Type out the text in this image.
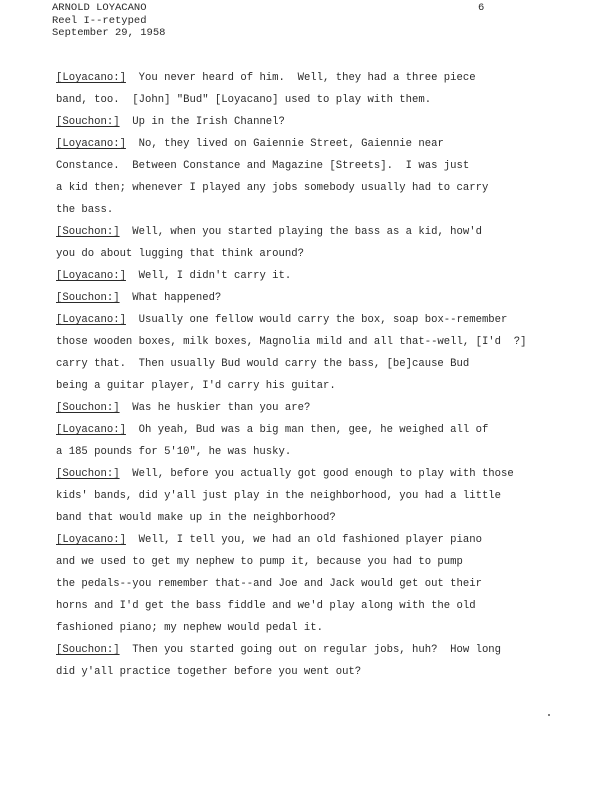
ARNOLD LOYACANO
Reel I--retyped
September 29, 1958
6
[Loyacano:]  You never heard of him.  Well, they had a three piece
band, too.  [John] "Bud" [Loyacano] used to play with them.
[Souchon:]  Up in the Irish Channel?
[Loyacano:]  No, they lived on Gaiennie Street, Gaiennie near
Constance.  Between Constance and Magazine [Streets].  I was just
a kid then; whenever I played any jobs somebody usually had to carry
the bass.
[Souchon:]  Well, when you started playing the bass as a kid, how'd
you do about lugging that think around?
[Loyacano:]  Well, I didn't carry it.
[Souchon:]  What happened?
[Loyacano:]  Usually one fellow would carry the box, soap box--remember
those wooden boxes, milk boxes, Magnolia mild and all that--well, [I'd  ?]
carry that.  Then usually Bud would carry the bass, [be]cause Bud
being a guitar player, I'd carry his guitar.
[Souchon:]  Was he huskier than you are?
[Loyacano:]  Oh yeah, Bud was a big man then, gee, he weighed all of
a 185 pounds for 5'10", he was husky.
[Souchon:]  Well, before you actually got good enough to play with those
kids' bands, did y'all just play in the neighborhood, you had a little
band that would make up in the neighborhood?
[Loyacano:]  Well, I tell you, we had an old fashioned player piano
and we used to get my nephew to pump it, because you had to pump
the pedals--you remember that--and Joe and Jack would get out their
horns and I'd get the bass fiddle and we'd play along with the old
fashioned piano; my nephew would pedal it.
[Souchon:]  Then you started going out on regular jobs, huh?  How long
did y'all practice together before you went out?
